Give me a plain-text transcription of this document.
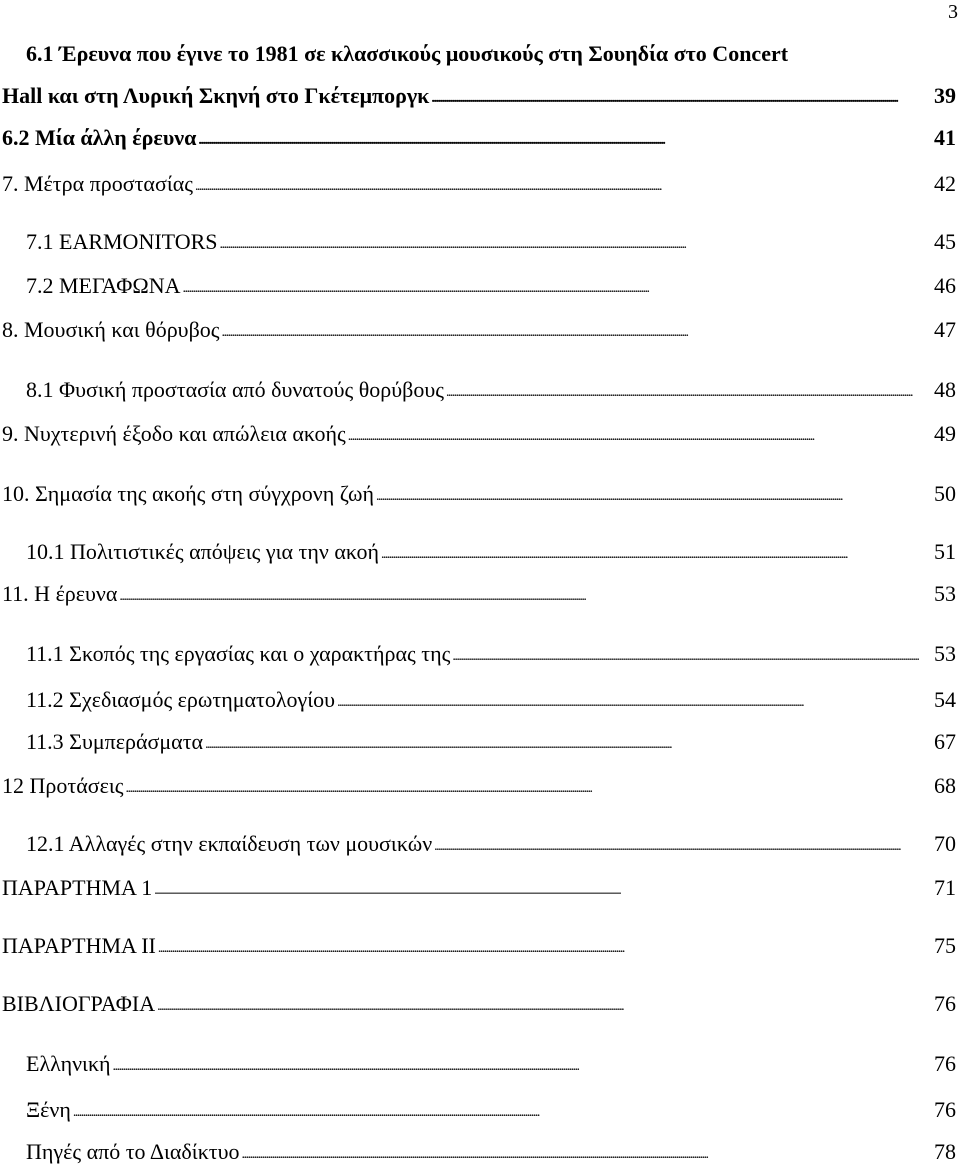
3
6.1 Έρευνα που έγινε το 1981 σε κλασσικούς μουσικούς στη Σουηδία στο Concert
Hall και στη Λυρική Σκηνή στο Γκέτεμποργκ . . .	39
6.2 Μία άλλη έρευνα . . .	41
7. Μέτρα προστασίας . . .	42
7.1 EARMONITORS . . .	45
7.2 ΜΕΓΑΦΩΝΑ . . .	46
8. Μουσική και θόρυβος . . .	47
8.1 Φυσική προστασία από δυνατούς θορύβους . . .	48
9. Νυχτερινή έξοδο και απώλεια ακοής . . .	49
10. Σημασία της ακοής στη σύγχρονη ζωή . . .	50
10.1 Πολιτιστικές απόψεις για την ακοή . . .	51
11. Η έρευνα . . .	53
11.1 Σκοπός της εργασίας και ο χαρακτήρας της . . .	53
11.2 Σχεδιασμός ερωτηματολογίου . . .	54
11.3 Συμπεράσματα . . .	67
12 Προτάσεις . . .	68
12.1 Αλλαγές στην εκπαίδευση των μουσικών . . .	70
ΠΑΡΑΡΤΗΜΑ 1 . . .	71
ΠΑΡΑΡΤΗΜΑ ΙΙ . . .	75
ΒΙΒΛΙΟΓΡΑΦΙΑ . . .	76
Ελληνική . . .	76
Ξένη . . .	76
Πηγές από το Διαδίκτυο . . .	78
